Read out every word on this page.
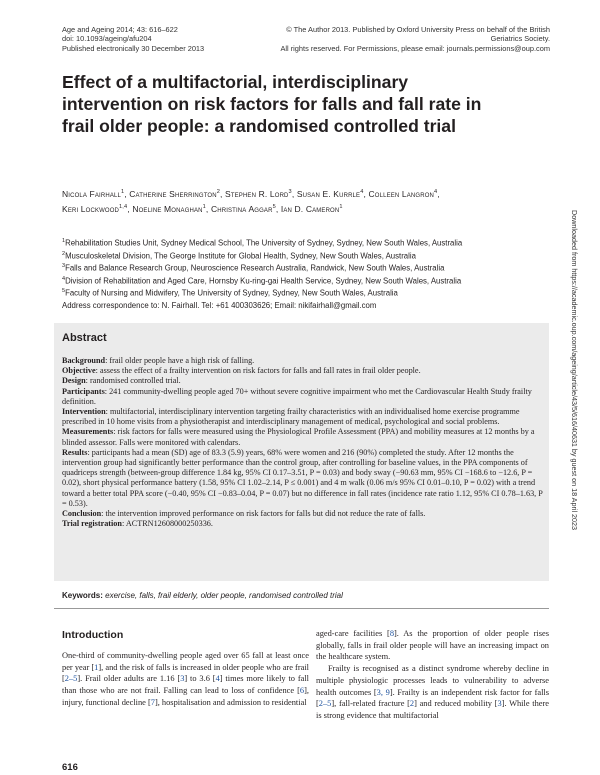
Age and Ageing 2014; 43: 616–622
doi: 10.1093/ageing/afu204
Published electronically 30 December 2013
© The Author 2013. Published by Oxford University Press on behalf of the British Geriatrics Society.
All rights reserved. For Permissions, please email: journals.permissions@oup.com
Effect of a multifactorial, interdisciplinary intervention on risk factors for falls and fall rate in frail older people: a randomised controlled trial
Nicola Fairhall$^1$, Catherine Sherrington$^2$, Stephen R. Lord$^3$, Susan E. Kurrle$^4$, Colleen Langron$^4$,
Keri Lockwood$^{1,4}$, Noeline Monaghan$^1$, Christina Aggar$^5$, Ian D. Cameron$^1$
$^1$Rehabilitation Studies Unit, Sydney Medical School, The University of Sydney, Sydney, New South Wales, Australia
$^2$Musculoskeletal Division, The George Institute for Global Health, Sydney, New South Wales, Australia
$^3$Falls and Balance Research Group, Neuroscience Research Australia, Randwick, New South Wales, Australia
$^4$Division of Rehabilitation and Aged Care, Hornsby Ku-ring-gai Health Service, Sydney, New South Wales, Australia
$^5$Faculty of Nursing and Midwifery, The University of Sydney, Sydney, New South Wales, Australia
Address correspondence to: N. Fairhall. Tel: +61 400303626; Email: nikifairhall@gmail.com	Downloaded from https://academic.oup.com/ageing/article/43/5/616/40631 by guest on 18 April 2023
Abstract

Background: frail older people have a high risk of falling.

Objective: assess the effect of a frailty intervention on risk factors for falls and fall rates in frail older people.

Design: randomised controlled trial.

Participants: 241 community-dwelling people aged 70+ without severe cognitive impairment who met the Cardiovascular Health Study frailty definition.

Intervention: multifactorial, interdisciplinary intervention targeting frailty characteristics with an individualised home exercise programme prescribed in 10 home visits from a physiotherapist and interdisciplinary management of medical, psychological and social problems.

Measurements: risk factors for falls were measured using the Physiological Profile Assessment (PPA) and mobility measures at 12 months by a blinded assessor. Falls were monitored with calendars.

Results: participants had a mean (SD) age of 83.3 (5.9) years, 68% were women and 216 (90%) completed the study. After 12 months the intervention group had significantly better performance than the control group, after controlling for baseline values, in the PPA components of quadriceps strength (between-group difference 1.84 kg, 95% CI 0.17–3.51, P = 0.03) and body sway (−90.63 mm, 95% CI −168.6 to −12.6, P = 0.02), short physical performance battery (1.58, 95% CI 1.02–2.14, P ≤ 0.001) and 4 m walk (0.06 m/s 95% CI 0.01–0.10, P = 0.02) with a trend toward a better total PPA score (−0.40, 95% CI −0.83–0.04, P = 0.07) but no difference in fall rates (incidence rate ratio 1.12, 95% CI 0.78–1.63, P = 0.53).

Conclusion: the intervention improved performance on risk factors for falls but did not reduce the rate of falls.

Trial registration: ACTRN12608000250336.

Keywords: exercise, falls, frail elderly, older people, randomised controlled trial
Introduction

One-third of community-dwelling people aged over 65 fall at least once per year [1], and the risk of falls is increased in older people who are frail [2–5]. Frail older adults are 1.16 [3] to 3.6 [4] times more likely to fall than those who are not frail. Falling can lead to loss of confidence [6], injury, functional decline [7], hospitalisation and admission to residential

aged-care facilities [8]. As the proportion of older people rises globally, falls in frail older people will have an increasing impact on the healthcare system.

Frailty is recognised as a distinct syndrome whereby decline in multiple physiologic processes leads to vulnerability to adverse health outcomes [3, 9]. Frailty is an independent risk factor for falls [2–5], fall-related fracture [2] and reduced mobility [3]. While there is strong evidence that multifactorial

616
